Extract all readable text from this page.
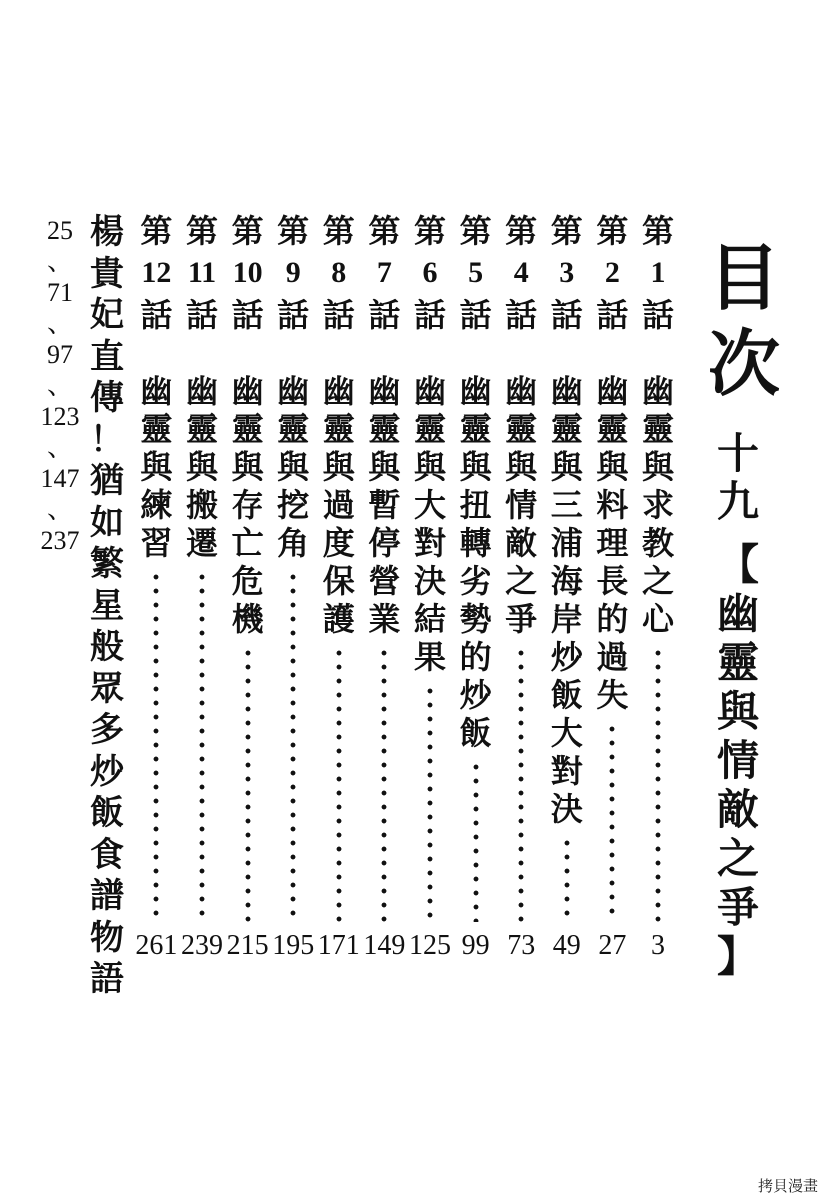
目
次
十
九
【
幽
靈
與
情
敵
之
爭
】
第
1
話
幽
靈
與
求
教
之
心
3
第
2
話
幽
靈
與
料
理
長
的
過
失
27
第
3
話
幽
靈
與
三
浦
海
岸
炒
飯
大
對
決
49
第
4
話
幽
靈
與
情
敵
之
爭
73
第
5
話
幽
靈
與
扭
轉
劣
勢
的
炒
飯
99
第
6
話
幽
靈
與
大
對
決
結
果
125
第
7
話
幽
靈
與
暫
停
營
業
149
第
8
話
幽
靈
與
過
度
保
護
171
第
9
話
幽
靈
與
挖
角
195
第
10
話
幽
靈
與
存
亡
危
機
215
第
11
話
幽
靈
與
搬
遷
239
第
12
話
幽
靈
與
練
習
261
楊
貴
妃
直
傳
！
猶
如
繁
星
般
眾
多
炒
飯
食
譜
物
語
25
、
71
、
97
、
123
、
147
、
237
拷貝漫畫
